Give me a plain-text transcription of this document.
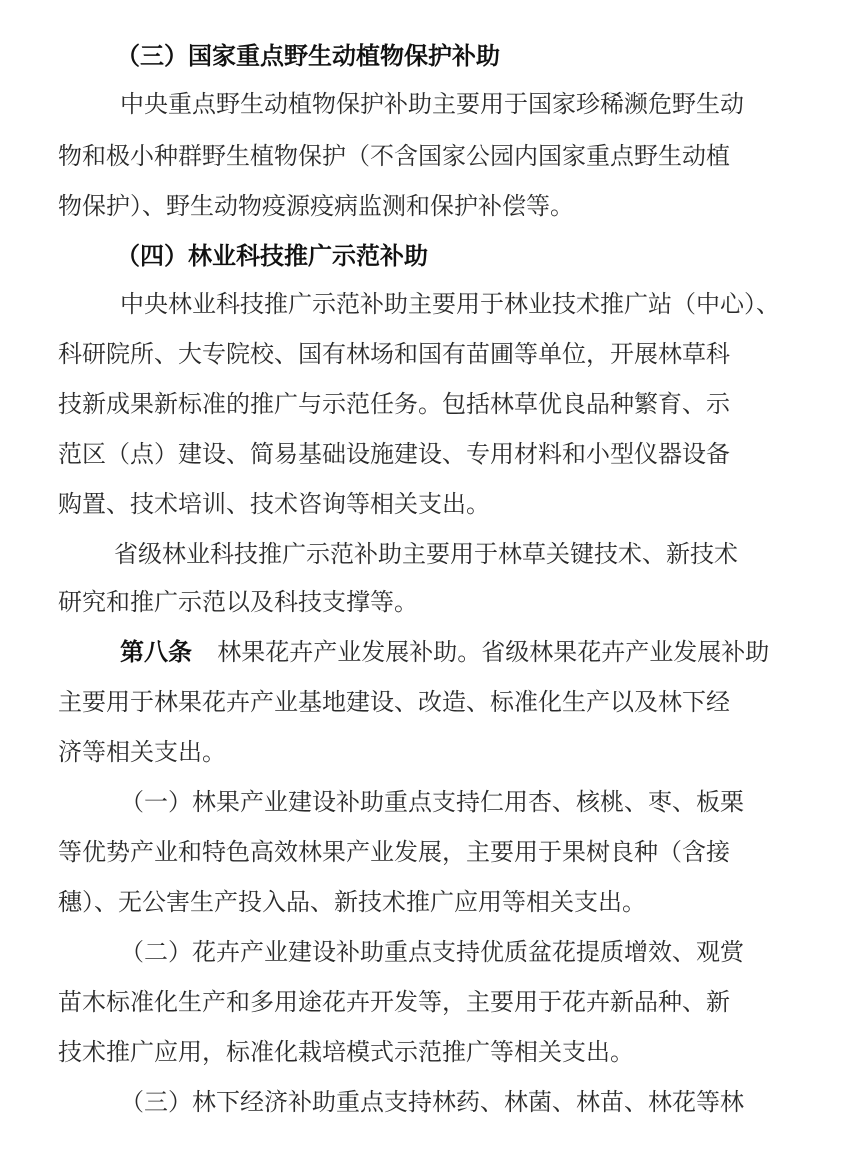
（三）国家重点野生动植物保护补助
中央重点野生动植物保护补助主要用于国家珍稀濒危野生动
物和极小种群野生植物保护（不含国家公园内国家重点野生动植
物保护）、野生动物疫源疫病监测和保护补偿等。
（四）林业科技推广示范补助
中央林业科技推广示范补助主要用于林业技术推广站（中心）、
科研院所、大专院校、国有林场和国有苗圃等单位，开展林草科
技新成果新标准的推广与示范任务。包括林草优良品种繁育、示
范区（点）建设、简易基础设施建设、专用材料和小型仪器设备
购置、技术培训、技术咨询等相关支出。
省级林业科技推广示范补助主要用于林草关键技术、新技术
研究和推广示范以及科技支撑等。
第八条 林果花卉产业发展补助。省级林果花卉产业发展补助
主要用于林果花卉产业基地建设、改造、标准化生产以及林下经
济等相关支出。
（一）林果产业建设补助重点支持仁用杏、核桃、枣、板栗
等优势产业和特色高效林果产业发展，主要用于果树良种（含接
穗）、无公害生产投入品、新技术推广应用等相关支出。
（二）花卉产业建设补助重点支持优质盆花提质增效、观赏
苗木标准化生产和多用途花卉开发等，主要用于花卉新品种、新
技术推广应用，标准化栽培模式示范推广等相关支出。
（三）林下经济补助重点支持林药、林菌、林苗、林花等林
